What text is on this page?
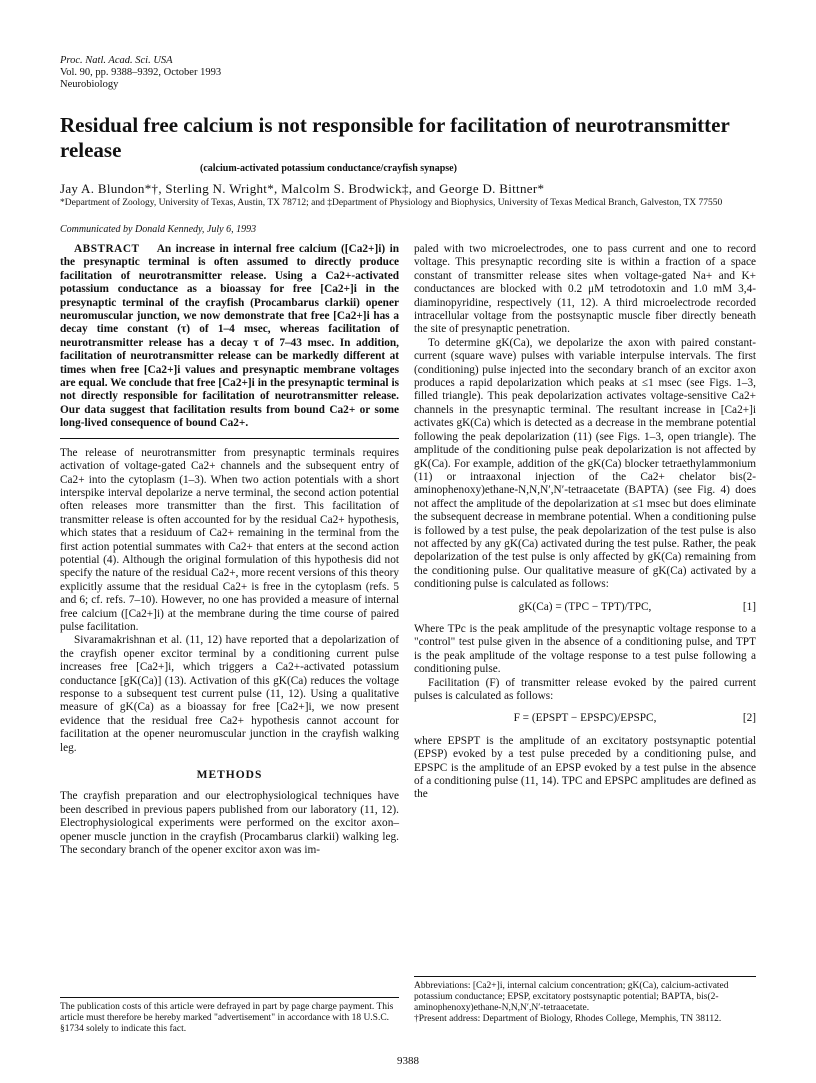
Proc. Natl. Acad. Sci. USA
Vol. 90, pp. 9388–9392, October 1993
Neurobiology
Residual free calcium is not responsible for facilitation of neurotransmitter release
(calcium-activated potassium conductance/crayfish synapse)
Jay A. Blundon*†, Sterling N. Wright*, Malcolm S. Brodwick‡, and George D. Bittner*
*Department of Zoology, University of Texas, Austin, TX 78712; and ‡Department of Physiology and Biophysics, University of Texas Medical Branch, Galveston, TX 77550
Communicated by Donald Kennedy, July 6, 1993

ABSTRACT An increase in internal free calcium ([Ca2+]i) in the presynaptic terminal is often assumed to directly produce facilitation of neurotransmitter release. Using a Ca2+-activated potassium conductance as a bioassay for free [Ca2+]i in the presynaptic terminal of the crayfish (Procambarus clarkii) opener neuromuscular junction, we now demonstrate that free [Ca2+]i has a decay time constant (τ) of 1–4 msec, whereas facilitation of neurotransmitter release has a decay τ of 7–43 msec. In addition, facilitation of neurotransmitter release can be markedly different at times when free [Ca2+]i values and presynaptic membrane voltages are equal. We conclude that free [Ca2+]i in the presynaptic terminal is not directly responsible for facilitation of neurotransmitter release. Our data suggest that facilitation results from bound Ca2+ or some long-lived consequence of bound Ca2+.

The release of neurotransmitter from presynaptic terminals requires activation of voltage-gated Ca2+ channels and the subsequent entry of Ca2+ into the cytoplasm (1–3). When two action potentials with a short interspike interval depolarize a nerve terminal, the second action potential often releases more transmitter than the first. This facilitation of transmitter release is often accounted for by the residual Ca2+ hypothesis, which states that a residuum of Ca2+ remaining in the terminal from the first action potential summates with Ca2+ that enters at the second action potential (4). Although the original formulation of this hypothesis did not specify the nature of the residual Ca2+, more recent versions of this theory explicitly assume that the residual Ca2+ is free in the cytoplasm (refs. 5 and 6; cf. refs. 7–10). However, no one has provided a measure of internal free calcium ([Ca2+]i) at the membrane during the time course of paired pulse facilitation.

Sivaramakrishnan et al. (11, 12) have reported that a depolarization of the crayfish opener excitor terminal by a conditioning current pulse increases free [Ca2+]i, which triggers a Ca2+-activated potassium conductance [gK(Ca)] (13). Activation of this gK(Ca) reduces the voltage response to a subsequent test current pulse (11, 12). Using a qualitative measure of gK(Ca) as a bioassay for free [Ca2+]i, we now present evidence that the residual free Ca2+ hypothesis cannot account for facilitation at the opener neuromuscular junction in the crayfish walking leg.

METHODS

The crayfish preparation and our electrophysiological techniques have been described in previous papers published from our laboratory (11, 12). Electrophysiological experiments were performed on the excitor axon–opener muscle junction in the crayfish (Procambarus clarkii) walking leg. The secondary branch of the opener excitor axon was im-

paled with two microelectrodes, one to pass current and one to record voltage. This presynaptic recording site is within a fraction of a space constant of transmitter release sites when voltage-gated Na+ and K+ conductances are blocked with 0.2 μM tetrodotoxin and 1.0 mM 3,4-diaminopyridine, respectively (11, 12). A third microelectrode recorded intracellular voltage from the postsynaptic muscle fiber directly beneath the site of presynaptic penetration.

To determine gK(Ca), we depolarize the axon with paired constant-current (square wave) pulses with variable interpulse intervals. The first (conditioning) pulse injected into the secondary branch of an excitor axon produces a rapid depolarization which peaks at ≤1 msec (see Figs. 1–3, filled triangle). This peak depolarization activates voltage-sensitive Ca2+ channels in the presynaptic terminal. The resultant increase in [Ca2+]i activates gK(Ca) which is detected as a decrease in the membrane potential following the peak depolarization (11) (see Figs. 1–3, open triangle). The amplitude of the conditioning pulse peak depolarization is not affected by gK(Ca). For example, addition of the gK(Ca) blocker tetraethylammonium (11) or intraaxonal injection of the Ca2+ chelator bis(2-aminophenoxy)ethane-N,N,N′,N′-tetraacetate (BAPTA) (see Fig. 4) does not affect the amplitude of the depolarization at ≤1 msec but does eliminate the subsequent decrease in membrane potential. When a conditioning pulse is followed by a test pulse, the peak depolarization of the test pulse is also not affected by any gK(Ca) activated during the test pulse. Rather, the peak depolarization of the test pulse is only affected by gK(Ca) remaining from the conditioning pulse. Our qualitative measure of gK(Ca) activated by a conditioning pulse is calculated as follows:

gK(Ca) = (TPC − TPT)/TPC,	[1]

Where TPc is the peak amplitude of the presynaptic voltage response to a "control" test pulse given in the absence of a conditioning pulse, and TPT is the peak amplitude of the voltage response to a test pulse following a conditioning pulse.

Facilitation (F) of transmitter release evoked by the paired current pulses is calculated as follows:

F = (EPSPT − EPSPC)/EPSPC,	[2]

where EPSPT is the amplitude of an excitatory postsynaptic potential (EPSP) evoked by a test pulse preceded by a conditioning pulse, and EPSPC is the amplitude of an EPSP evoked by a test pulse in the absence of a conditioning pulse (11, 14). TPC and EPSPC amplitudes are defined as the

The publication costs of this article were defrayed in part by page charge payment. This article must therefore be hereby marked "advertisement" in accordance with 18 U.S.C. §1734 solely to indicate this fact.
Abbreviations: [Ca2+]i, internal calcium concentration; gK(Ca), calcium-activated potassium conductance; EPSP, excitatory postsynaptic potential; BAPTA, bis(2-aminophenoxy)ethane-N,N,N′,N′-tetraacetate.
†Present address: Department of Biology, Rhodes College, Memphis, TN 38112.
9388
